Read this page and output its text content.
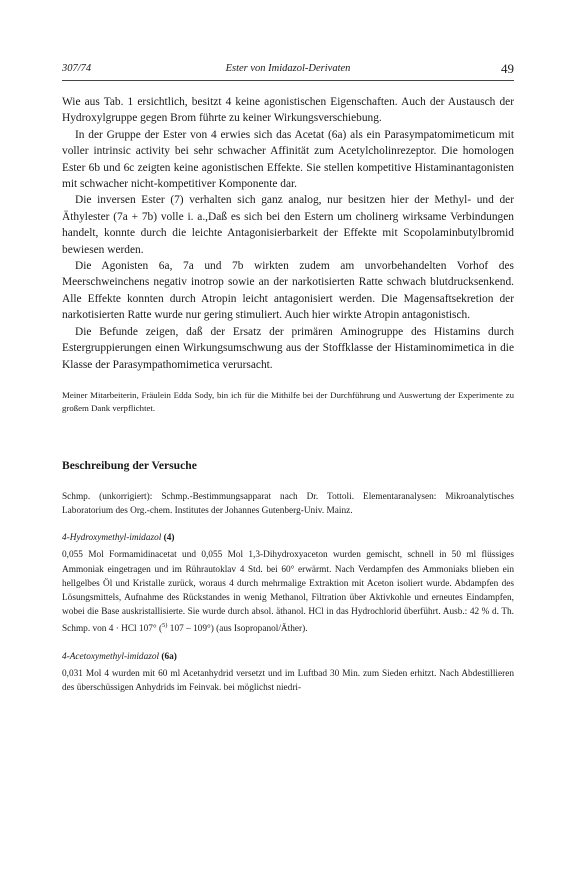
307/74	Ester von Imidazol-Derivaten	49

Wie aus Tab. 1 ersichtlich, besitzt 4 keine agonistischen Eigenschaften. Auch der Austausch der Hydroxylgruppe gegen Brom führte zu keiner Wirkungsverschiebung.

In der Gruppe der Ester von 4 erwies sich das Acetat (6a) als ein Parasympatomimeticum mit voller intrinsic activity bei sehr schwacher Affinität zum Acetylcholinrezeptor. Die homologen Ester 6b und 6c zeigten keine agonistischen Effekte. Sie stellen kompetitive Histaminantagonisten mit schwacher nicht-kompetitiver Komponente dar.

Die inversen Ester (7) verhalten sich ganz analog, nur besitzen hier der Methyl- und der Äthylester (7a + 7b) volle i. a.,Daß es sich bei den Estern um cholinerg wirksame Verbindungen handelt, konnte durch die leichte Antagonisierbarkeit der Effekte mit Scopolaminbutylbromid bewiesen werden.

Die Agonisten 6a, 7a und 7b wirkten zudem am unvorbehandelten Vorhof des Meerschweinchens negativ inotrop sowie an der narkotisierten Ratte schwach blutdrucksenkend. Alle Effekte konnten durch Atropin leicht antagonisiert werden. Die Magensaftsekretion der narkotisierten Ratte wurde nur gering stimuliert. Auch hier wirkte Atropin antagonistisch.

Die Befunde zeigen, daß der Ersatz der primären Aminogruppe des Histamins durch Estergruppierungen einen Wirkungsumschwung aus der Stoffklasse der Histaminomimetica in die Klasse der Parasympathomimetica verursacht.

Meiner Mitarbeiterin, Fräulein Edda Sody, bin ich für die Mithilfe bei der Durchführung und Auswertung der Experimente zu großem Dank verpflichtet.

Beschreibung der Versuche

Schmp. (unkorrigiert): Schmp.-Bestimmungsapparat nach Dr. Tottoli. Elementaranalysen: Mikroanalytisches Laboratorium des Org.-chem. Institutes der Johannes Gutenberg-Univ. Mainz.

4-Hydroxymethyl-imidazol (4)

0,055 Mol Formamidinacetat und 0,055 Mol 1,3-Dihydroxyaceton wurden gemischt, schnell in 50 ml flüssiges Ammoniak eingetragen und im Rührautoklav 4 Std. bei 60° erwärmt. Nach Verdampfen des Ammoniaks blieben ein hellgelbes Öl und Kristalle zurück, woraus 4 durch mehrmalige Extraktion mit Aceton isoliert wurde. Abdampfen des Lösungsmittels, Aufnahme des Rückstandes in wenig Methanol, Filtration über Aktivkohle und erneutes Eindampfen, wobei die Base auskristallisierte. Sie wurde durch absol. äthanol. HCl in das Hydrochlorid überführt. Ausb.: 42 % d. Th. Schmp. von 4 · HCl 107° ($^{5)}$ 107 – 109°) (aus Isopropanol/Äther).

4-Acetoxymethyl-imidazol (6a)

0,031 Mol 4 wurden mit 60 ml Acetanhydrid versetzt und im Luftbad 30 Min. zum Sieden erhitzt. Nach Abdestillieren des überschüssigen Anhydrids im Feinvak. bei möglichst niedri-
